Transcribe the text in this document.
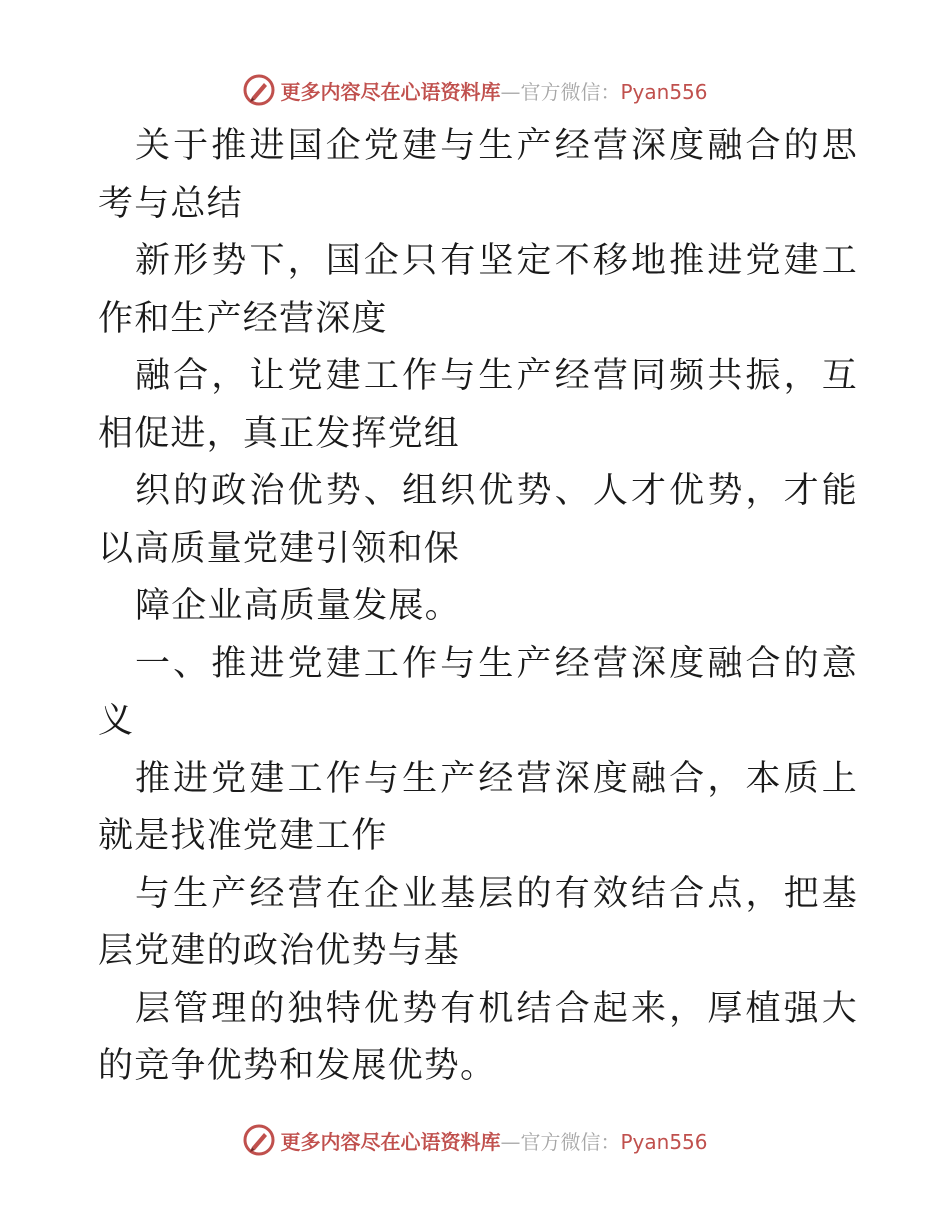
更多内容尽在心语资料库—官方微信：Pyan556

关于推进国企党建与生产经营深度融合的思考与总结

新形势下，国企只有坚定不移地推进党建工作和生产经营深度

融合，让党建工作与生产经营同频共振，互相促进，真正发挥党组

织的政治优势、组织优势、人才优势，才能以高质量党建引领和保

障企业高质量发展。

一、推进党建工作与生产经营深度融合的意义

推进党建工作与生产经营深度融合，本质上就是找准党建工作

与生产经营在企业基层的有效结合点，把基层党建的政治优势与基

层管理的独特优势有机结合起来，厚植强大的竞争优势和发展优势。

更多内容尽在心语资料库—官方微信：Pyan556
